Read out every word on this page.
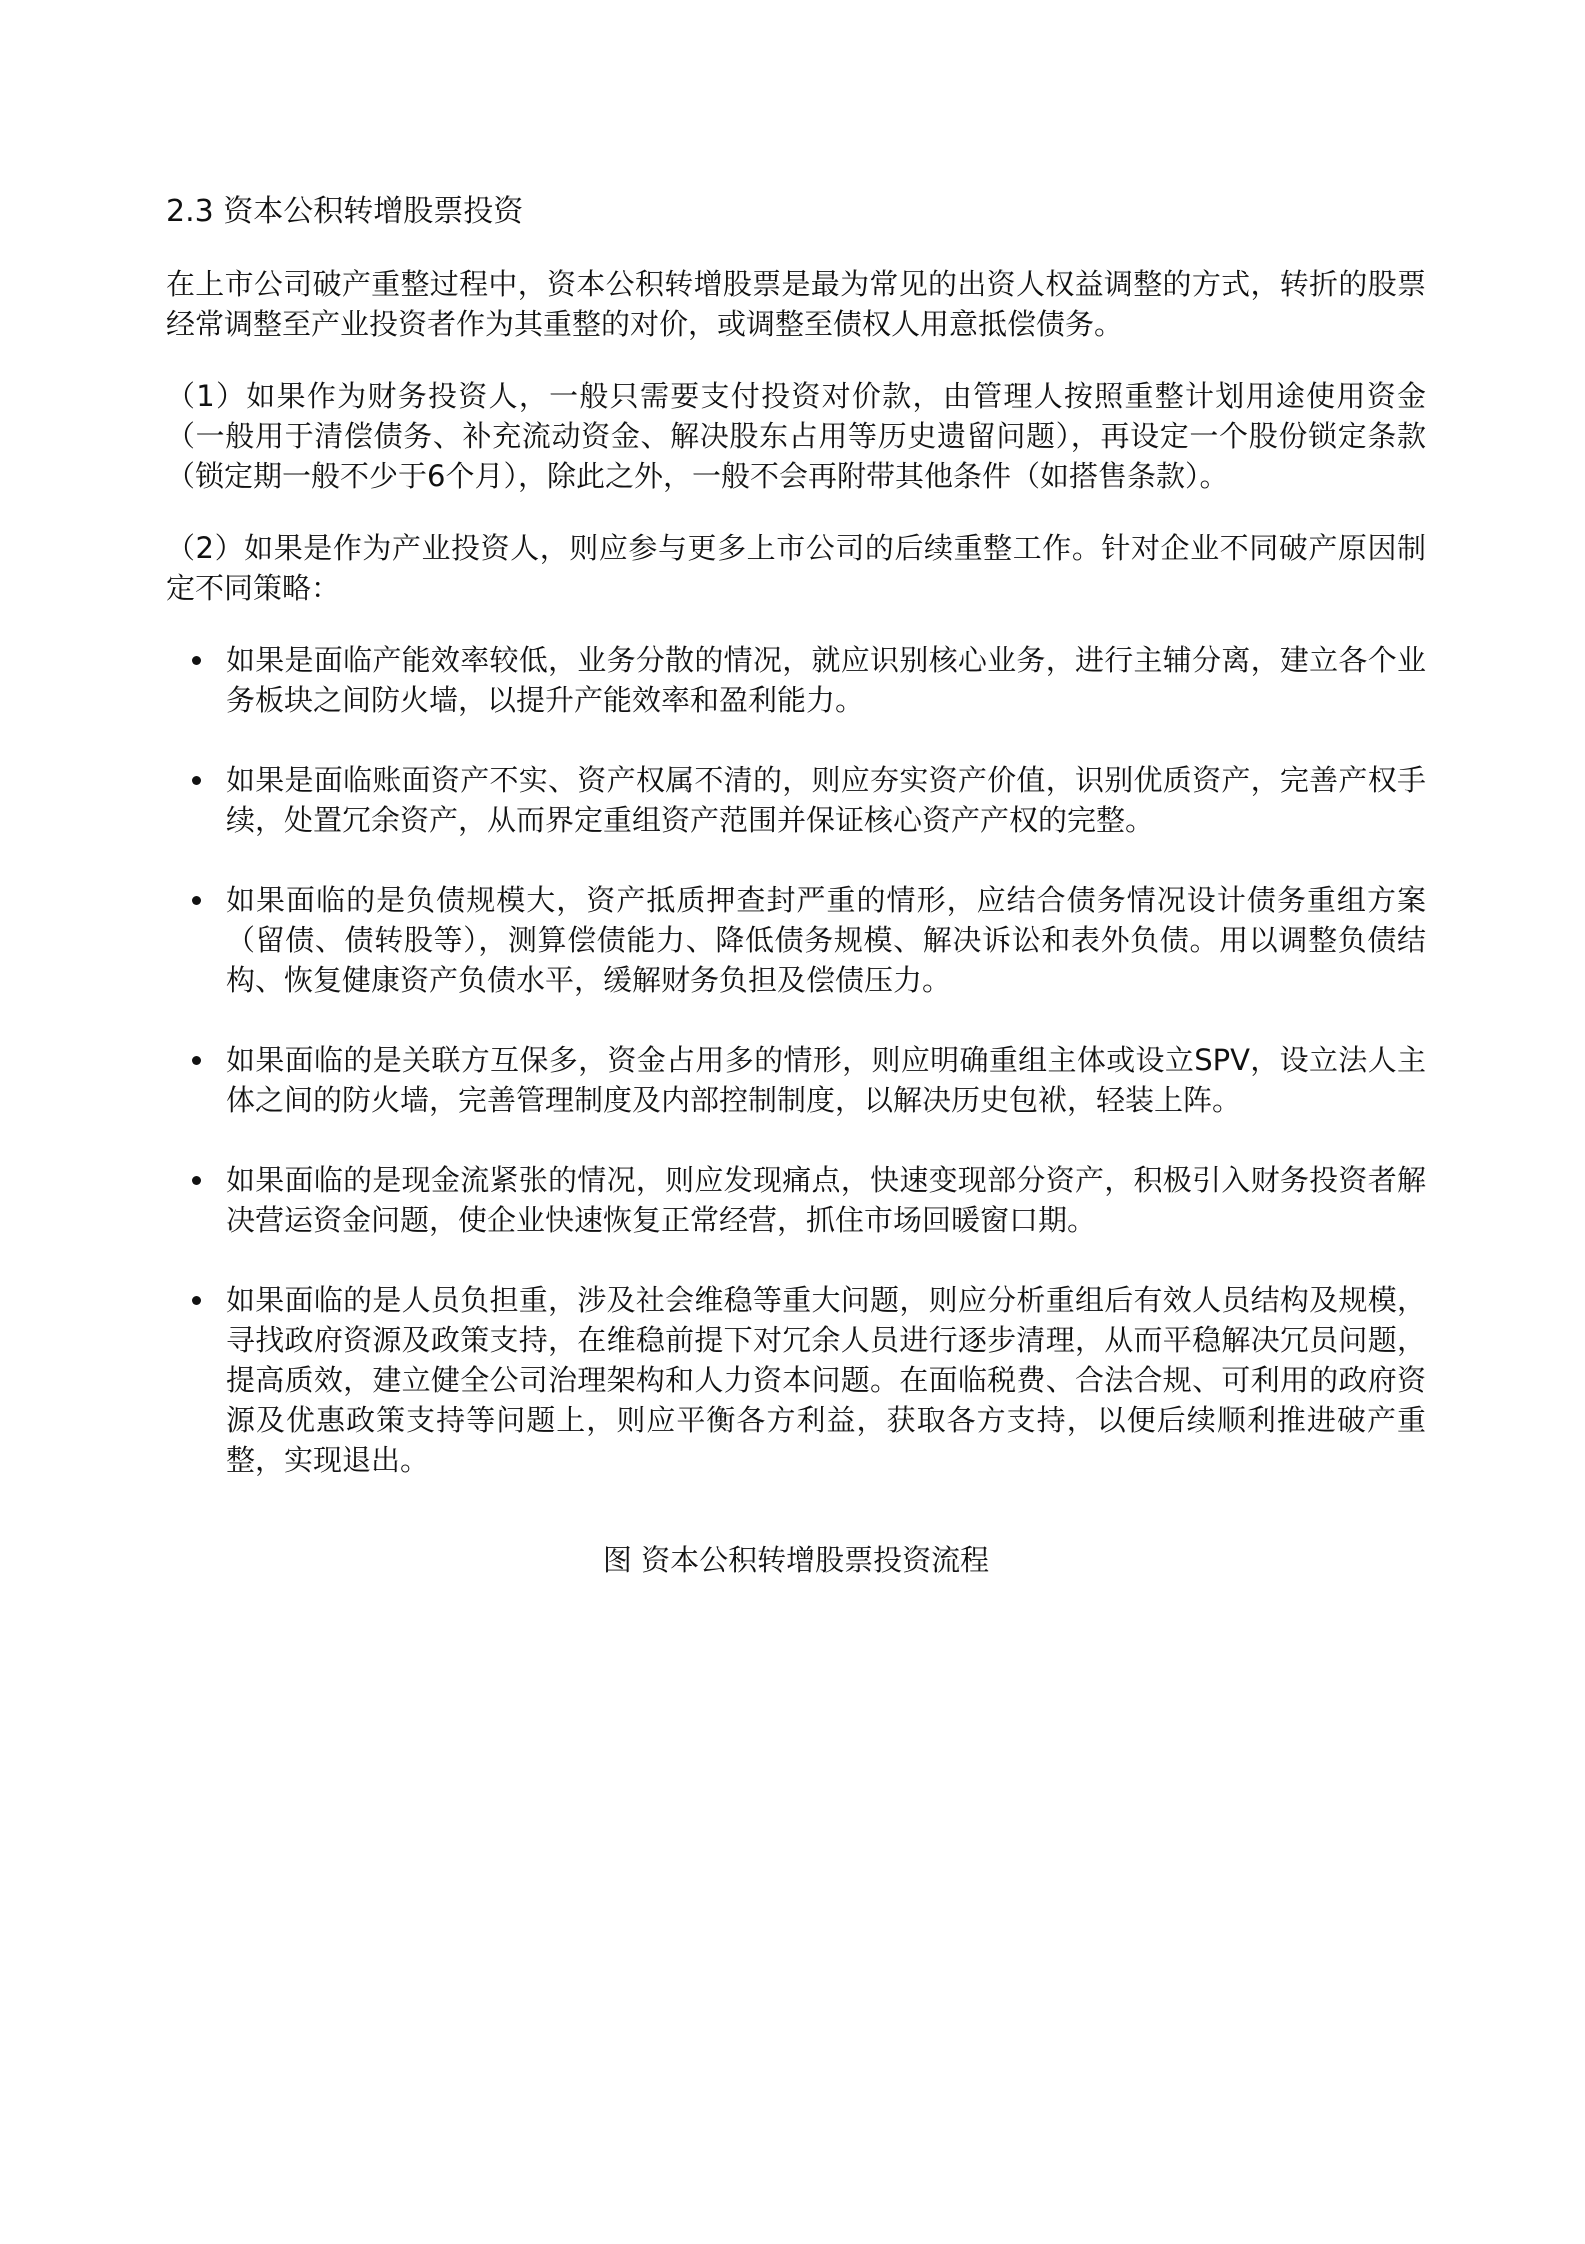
2.3 资本公积转增股票投资

在上市公司破产重整过程中，资本公积转增股票是最为常见的出资人权益调整的方式，转折的股票经常调整至产业投资者作为其重整的对价，或调整至债权人用意抵偿债务。

（1）如果作为财务投资人，一般只需要支付投资对价款，由管理人按照重整计划用途使用资金（一般用于清偿债务、补充流动资金、解决股东占用等历史遗留问题），再设定一个股份锁定条款（锁定期一般不少于6个月），除此之外，一般不会再附带其他条件（如搭售条款）。

（2）如果是作为产业投资人，则应参与更多上市公司的后续重整工作。针对企业不同破产原因制定不同策略：

如果是面临产能效率较低，业务分散的情况，就应识别核心业务，进行主辅分离，建立各个业务板块之间防火墙，以提升产能效率和盈利能力。
如果是面临账面资产不实、资产权属不清的，则应夯实资产价值，识别优质资产，完善产权手续，处置冗余资产，从而界定重组资产范围并保证核心资产产权的完整。
如果面临的是负债规模大，资产抵质押查封严重的情形，应结合债务情况设计债务重组方案（留债、债转股等），测算偿债能力、降低债务规模、解决诉讼和表外负债。用以调整负债结构、恢复健康资产负债水平，缓解财务负担及偿债压力。
如果面临的是关联方互保多，资金占用多的情形，则应明确重组主体或设立SPV，设立法人主体之间的防火墙，完善管理制度及内部控制制度，以解决历史包袱，轻装上阵。
如果面临的是现金流紧张的情况，则应发现痛点，快速变现部分资产，积极引入财务投资者解决营运资金问题，使企业快速恢复正常经营，抓住市场回暖窗口期。
如果面临的是人员负担重，涉及社会维稳等重大问题，则应分析重组后有效人员结构及规模，寻找政府资源及政策支持，在维稳前提下对冗余人员进行逐步清理，从而平稳解决冗员问题，提高质效，建立健全公司治理架构和人力资本问题。在面临税费、合法合规、可利用的政府资源及优惠政策支持等问题上，则应平衡各方利益，获取各方支持，以便后续顺利推进破产重整，实现退出。
图 资本公积转增股票投资流程
